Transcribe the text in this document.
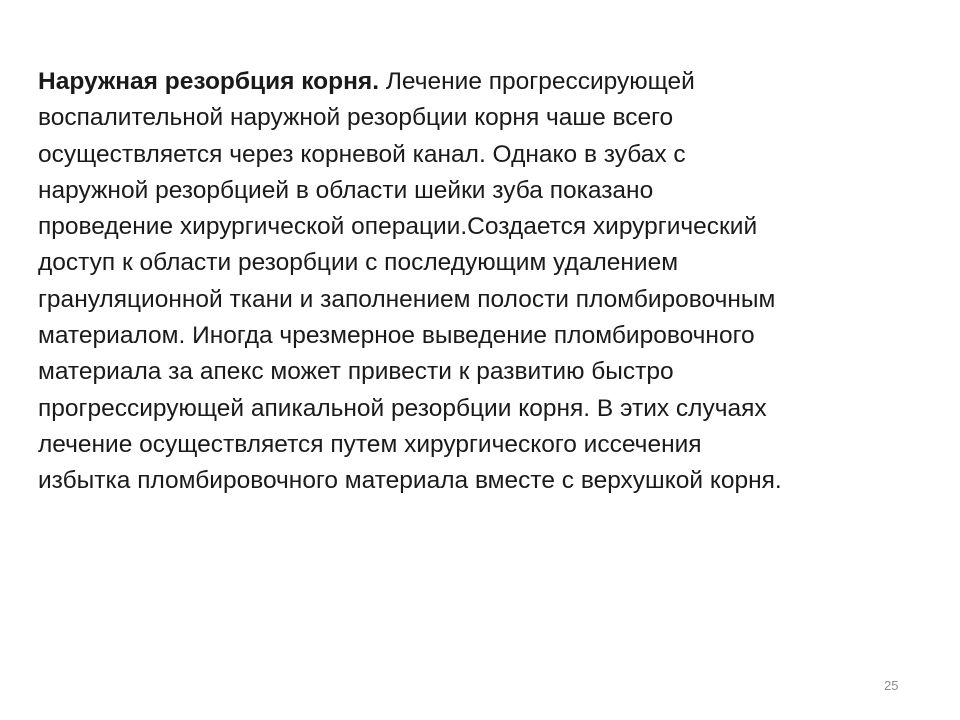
Наружная резорбция корня. Лечение прогрессирующей
воспалительной наружной резорбции корня чаше всего
осуществляется через корневой канал. Однако в зубах с
наружной резорбцией в области шейки зуба показано
проведение хирургической операции.Создается хирургический
доступ к области резорбции с последующим удалением
грануляционной ткани и заполнением полости пломбировочным
материалом. Иногда чрезмерное выведение пломбировочного
материала за апекс может привести к развитию быстро
прогрессирующей апикальной резорбции корня. В этих случаях
лечение осуществляется путем хирургического иссечения
избытка пломбировочного материала вместе с верхушкой корня.
25
